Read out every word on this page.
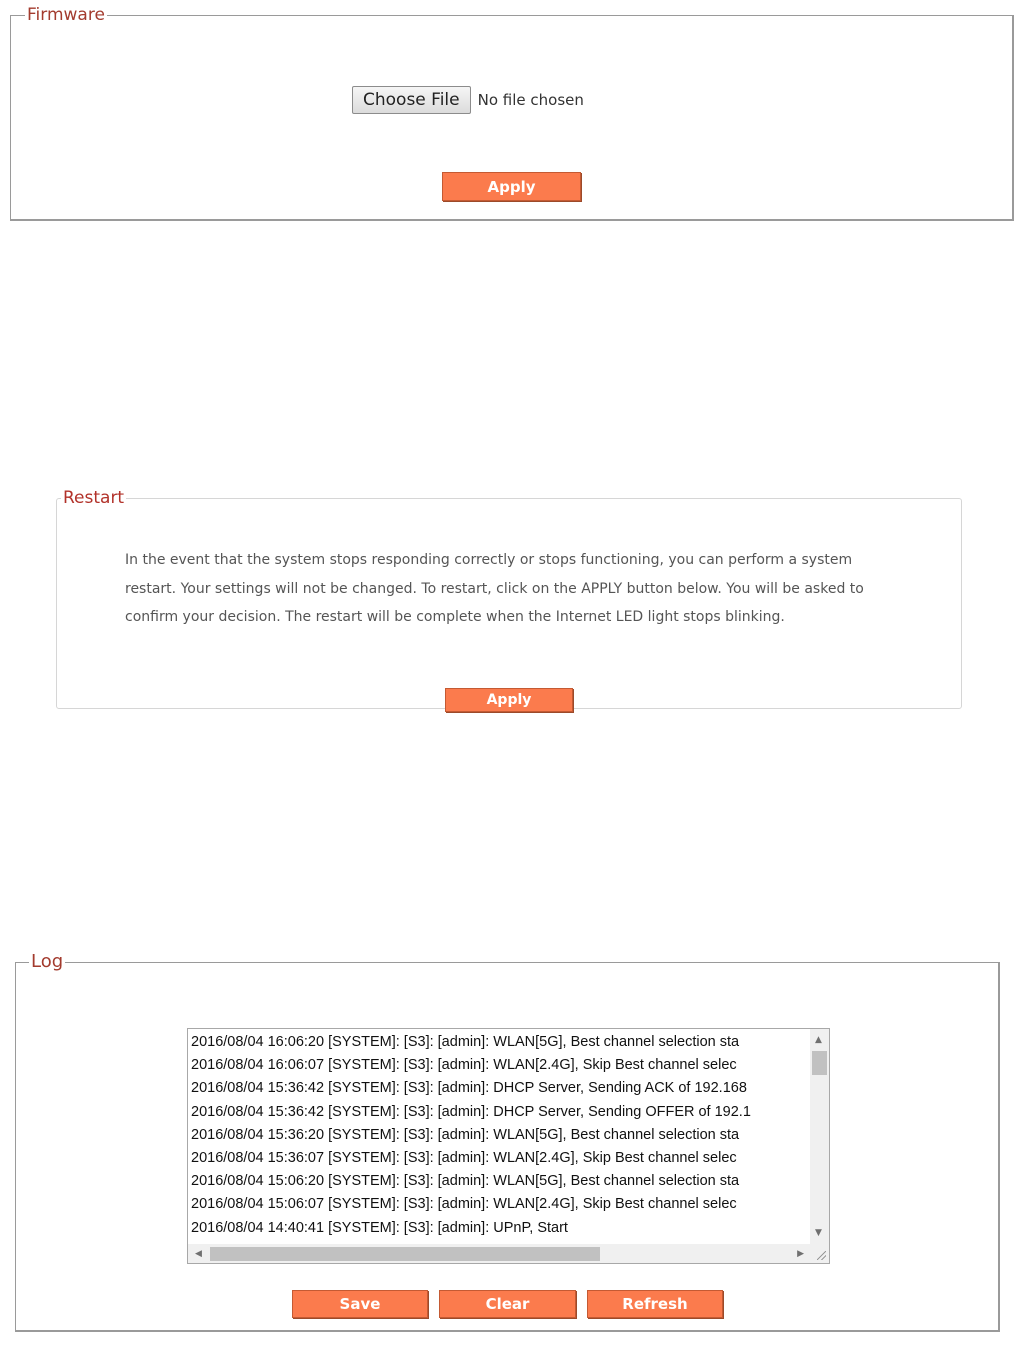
Firmware
Choose File	No file chosen
Apply
Restart

In the event that the system stops responding correctly or stops functioning, you can perform a system restart. Your settings will not be changed. To restart, click on the APPLY button below. You will be asked to confirm your decision. The restart will be complete when the Internet LED light stops blinking.

Apply
Log
2016/08/04 16:06:20 [SYSTEM]: [S3]: [admin]: WLAN[5G], Best channel selection sta
2016/08/04 16:06:07 [SYSTEM]: [S3]: [admin]: WLAN[2.4G], Skip Best channel selec
2016/08/04 15:36:42 [SYSTEM]: [S3]: [admin]: DHCP Server, Sending ACK of 192.168
2016/08/04 15:36:42 [SYSTEM]: [S3]: [admin]: DHCP Server, Sending OFFER of 192.1
2016/08/04 15:36:20 [SYSTEM]: [S3]: [admin]: WLAN[5G], Best channel selection sta
2016/08/04 15:36:07 [SYSTEM]: [S3]: [admin]: WLAN[2.4G], Skip Best channel selec
2016/08/04 15:06:20 [SYSTEM]: [S3]: [admin]: WLAN[5G], Best channel selection sta
2016/08/04 15:06:07 [SYSTEM]: [S3]: [admin]: WLAN[2.4G], Skip Best channel selec
2016/08/04 14:40:41 [SYSTEM]: [S3]: [admin]: UPnP, Start
▲
▼
◀	▶
Save	Clear	Refresh
